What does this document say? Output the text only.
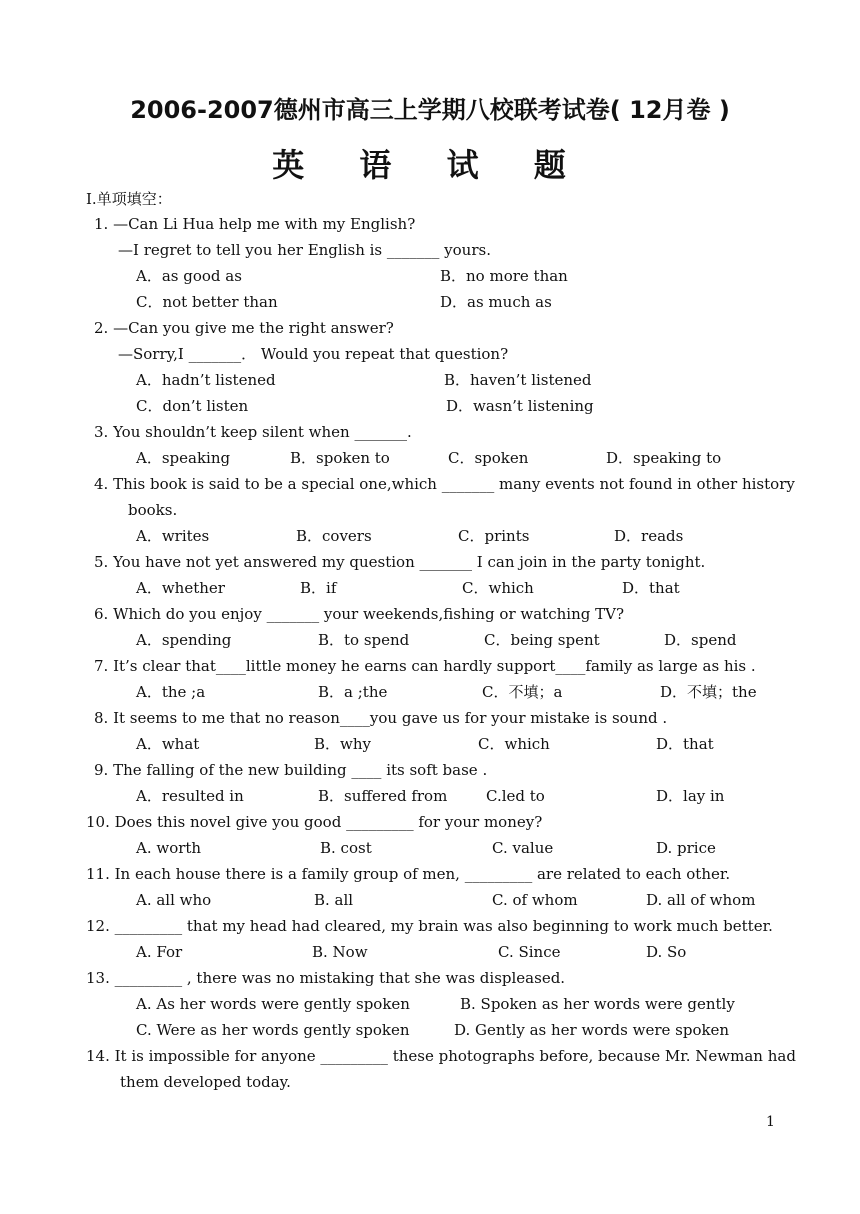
2006-2007德州市高三上学期八校联考试卷( 12月卷 )
英 语 试 题
I.单项填空：
1. —Can Li Hua help me with my English?
—I regret to tell you her English is _______ yours.
A．as good as	B．no more than
C．not better than	D．as much as
2. —Can you give me the right answer?
—Sorry,I _______． Would you repeat that question?
A．hadn’t listened	B．haven’t listened
C．don’t listen	D．wasn’t listening
3. You shouldn’t keep silent when _______.
A．speaking	B．spoken to	C．spoken	D．speaking to
4. This book is said to be a special one,which _______ many events not found in other history
books.
A．writes	B．covers	C．prints	D．reads
5. You have not yet answered my question _______ I can join in the party tonight.
A．whether	B．if	C．which	D．that
6. Which do you enjoy _______ your weekends,fishing or watching TV?
A．spending	B．to spend	C．being spent	D．spend
7. It’s clear that____little money he earns can hardly support____family as large as his .
A．the ;a	B．a ;the	C．不填；a	D．不填；the
8. It seems to me that no reason____you gave us for your mistake is sound .
A．what	B．why	C．which	D．that
9. The falling of the new building ____ its soft base .
A．resulted in	B．suffered from	C.led to	D．lay in
10. Does this novel give you good _________ for your money?
A. worth	B. cost	C. value	D. price
11. In each house there is a family group of men, _________ are related to each other.
A. all who	B. all	C. of whom	D. all of whom
12. _________ that my head had cleared, my brain was also beginning to work much better.
A. For	B. Now	C. Since	D. So
13. _________ , there was no mistaking that she was displeased.
A. As her words were gently spoken	B. Spoken as her words were gently
C. Were as her words gently spoken	D. Gently as her words were spoken
14. It is impossible for anyone _________ these photographs before, because Mr. Newman had
them developed today.
1
